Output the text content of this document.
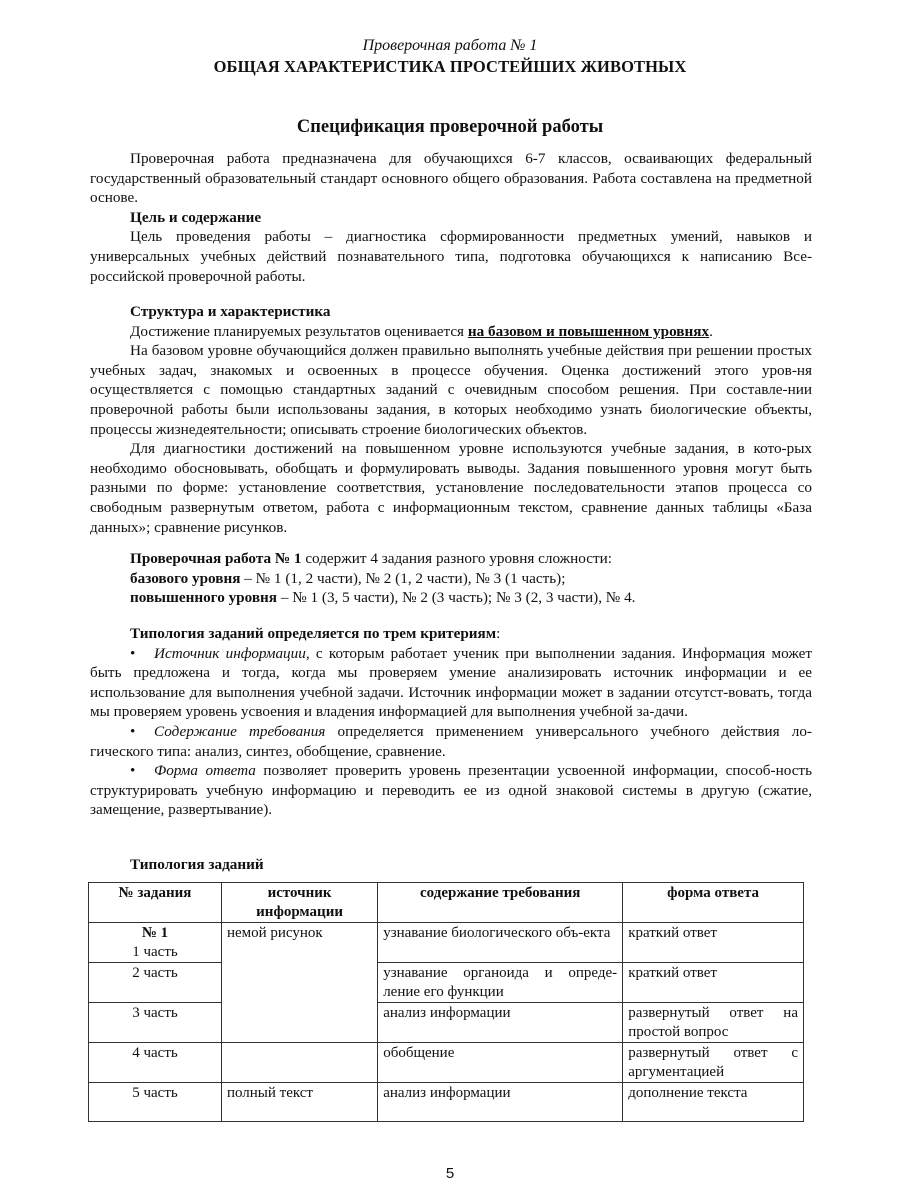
Проверочная работа № 1
ОБЩАЯ ХАРАКТЕРИСТИКА ПРОСТЕЙШИХ ЖИВОТНЫХ
Спецификация проверочной работы

Проверочная работа предназначена для обучающихся 6-7 классов, осваивающих федеральный государственный образовательный стандарт основного общего образования. Работа составлена на предметной основе.

Цель и содержание

Цель проведения работы – диагностика сформированности предметных умений, навыков и универсальных учебных действий познавательного типа, подготовка обучающихся к написанию Все-российской проверочной работы.

Структура и характеристика

Достижение планируемых результатов оценивается на базовом и повышенном уровнях.

На базовом уровне обучающийся должен правильно выполнять учебные действия при решении простых учебных задач, знакомых и освоенных в процессе обучения. Оценка достижений этого уров-ня осуществляется с помощью стандартных заданий с очевидным способом решения. При составле-нии проверочной работы были использованы задания, в которых необходимо узнать биологические объекты, процессы жизнедеятельности; описывать строение биологических объектов.

Для диагностики достижений на повышенном уровне используются учебные задания, в кото-рых необходимо обосновывать, обобщать и формулировать выводы. Задания повышенного уровня могут быть разными по форме: установление соответствия, установление последовательности этапов процесса со свободным развернутым ответом, работа с информационным текстом, сравнение данных таблицы «База данных»; сравнение рисунков.

Проверочная работа № 1 содержит 4 задания разного уровня сложности:

базового уровня – № 1 (1, 2 части), № 2 (1, 2 части), № 3 (1 часть);

повышенного уровня – № 1 (3, 5 части), № 2 (3 часть); № 3 (2, 3 части), № 4.

Типология заданий определяется по трем критериям:

• Источник информации, с которым работает ученик при выполнении задания. Информация может быть предложена и тогда, когда мы проверяем умение анализировать источник информации и ее использование для выполнения учебной задачи. Источник информации может в задании отсутст-вовать, тогда мы проверяем уровень усвоения и владения информацией для выполнения учебной за-дачи.

• Содержание требования определяется применением универсального учебного действия ло-гического типа: анализ, синтез, обобщение, сравнение.

• Форма ответа позволяет проверить уровень презентации усвоенной информации, способ-ность структурировать учебную информацию и переводить ее из одной знаковой системы в другую (сжатие, замещение, развертывание).

Типология заданий

№ задания	источник информации	содержание требования	форма ответа

№ 1
1 часть	немой рисунок	узнавание биологического объ-екта	краткий ответ
2 часть		узнавание органоида и опреде-ление его функции	краткий ответ
3 часть		анализ информации	развернутый ответ на простой вопрос
4 часть		обобщение	развернутый ответ с аргументацией
5 часть	полный текст	анализ информации	дополнение текста
5
